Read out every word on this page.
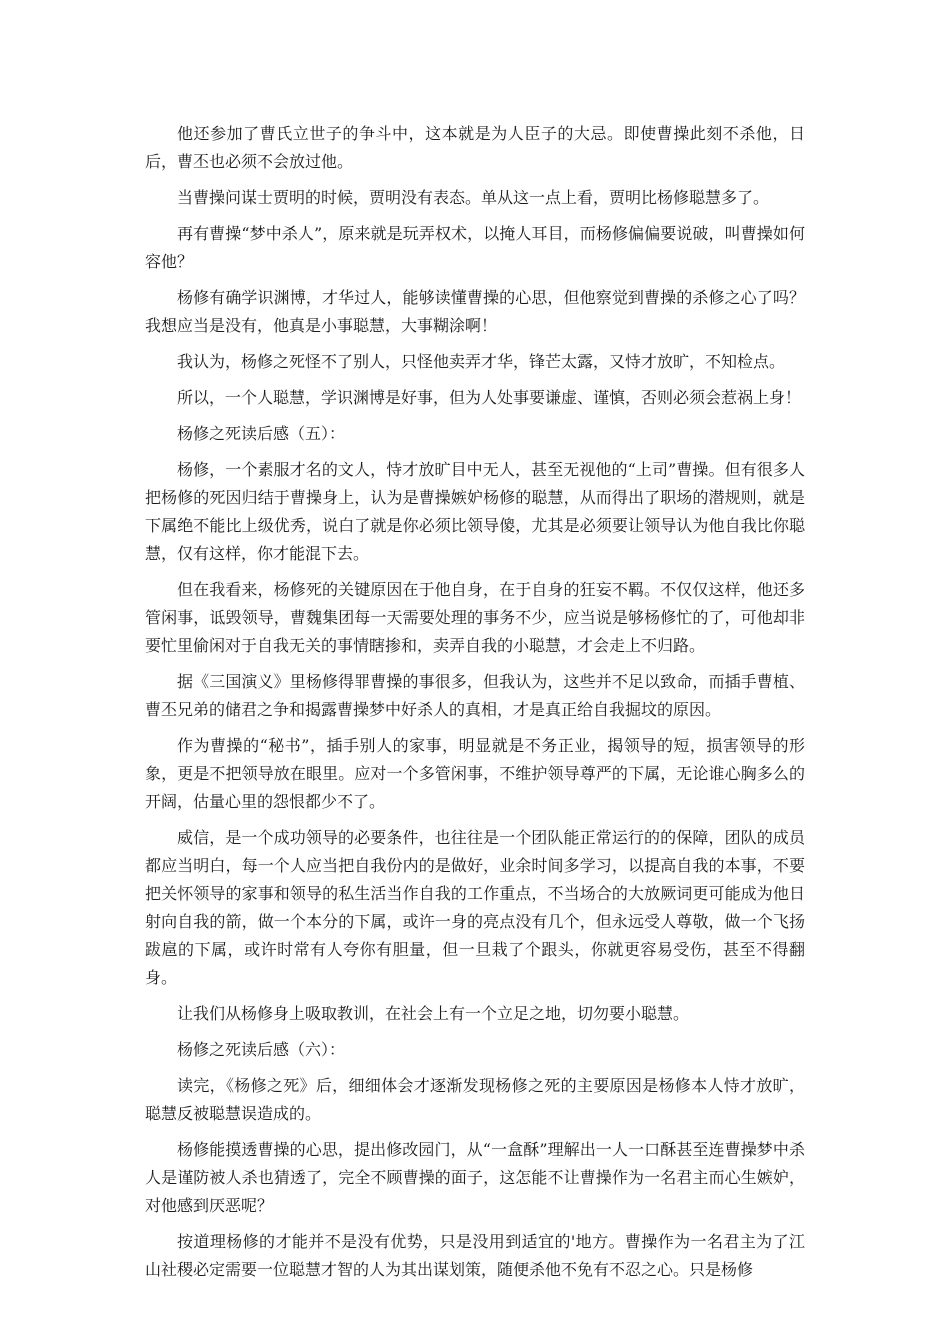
他还参加了曹氏立世子的争斗中，这本就是为人臣子的大忌。即使曹操此刻不杀他，日后，曹丕也必须不会放过他。

当曹操问谋士贾明的时候，贾明没有表态。单从这一点上看，贾明比杨修聪慧多了。

再有曹操“梦中杀人”，原来就是玩弄权术，以掩人耳目，而杨修偏偏要说破，叫曹操如何容他？

杨修有确学识渊博，才华过人，能够读懂曹操的心思，但他察觉到曹操的杀修之心了吗？我想应当是没有，他真是小事聪慧，大事糊涂啊！

我认为，杨修之死怪不了别人，只怪他卖弄才华，锋芒太露，又恃才放旷，不知检点。

所以，一个人聪慧，学识渊博是好事，但为人处事要谦虚、谨慎，否则必须会惹祸上身！

杨修之死读后感（五）：

杨修，一个素服才名的文人，恃才放旷目中无人，甚至无视他的“上司”曹操。但有很多人把杨修的死因归结于曹操身上，认为是曹操嫉妒杨修的聪慧，从而得出了职场的潜规则，就是下属绝不能比上级优秀，说白了就是你必须比领导傻，尤其是必须要让领导认为他自我比你聪慧，仅有这样，你才能混下去。

但在我看来，杨修死的关键原因在于他自身，在于自身的狂妄不羁。不仅仅这样，他还多管闲事，诋毁领导，曹魏集团每一天需要处理的事务不少，应当说是够杨修忙的了，可他却非要忙里偷闲对于自我无关的事情瞎掺和，卖弄自我的小聪慧，才会走上不归路。

据《三国演义》里杨修得罪曹操的事很多，但我认为，这些并不足以致命，而插手曹植、曹丕兄弟的储君之争和揭露曹操梦中好杀人的真相，才是真正给自我掘坟的原因。

作为曹操的“秘书”，插手别人的家事，明显就是不务正业，揭领导的短，损害领导的形象，更是不把领导放在眼里。应对一个多管闲事，不维护领导尊严的下属，无论谁心胸多么的开阔，估量心里的怨恨都少不了。

威信，是一个成功领导的必要条件，也往往是一个团队能正常运行的的保障，团队的成员都应当明白，每一个人应当把自我份内的是做好，业余时间多学习，以提高自我的本事，不要把关怀领导的家事和领导的私生活当作自我的工作重点，不当场合的大放厥词更可能成为他日射向自我的箭，做一个本分的下属，或许一身的亮点没有几个，但永远受人尊敬，做一个飞扬跋扈的下属，或许时常有人夸你有胆量，但一旦栽了个跟头，你就更容易受伤，甚至不得翻身。

让我们从杨修身上吸取教训，在社会上有一个立足之地，切勿要小聪慧。

杨修之死读后感（六）：

读完，《杨修之死》后，细细体会才逐渐发现杨修之死的主要原因是杨修本人恃才放旷，聪慧反被聪慧误造成的。

杨修能摸透曹操的心思，提出修改园门，从“一盒酥”理解出一人一口酥甚至连曹操梦中杀人是谨防被人杀也猜透了，完全不顾曹操的面子，这怎能不让曹操作为一名君主而心生嫉妒，对他感到厌恶呢？

按道理杨修的才能并不是没有优势，只是没用到适宜的'地方。曹操作为一名君主为了江山社稷必定需要一位聪慧才智的人为其出谋划策，随便杀他不免有不忍之心。只是杨修
